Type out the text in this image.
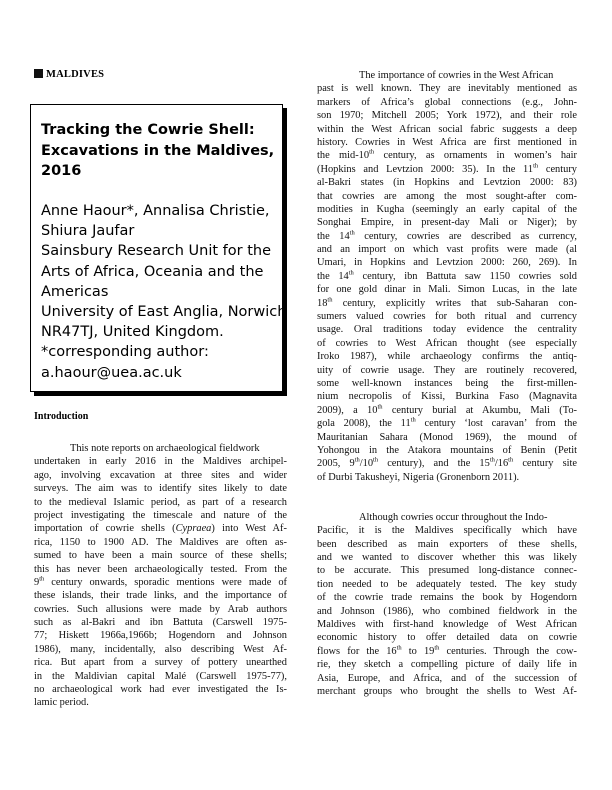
MALDIVES
Tracking the Cowrie Shell:
Excavations in the Maldives,
2016
Anne Haour*, Annalisa Christie,
Shiura Jaufar
Sainsbury Research Unit for the
Arts of Africa, Oceania and the
Americas
University of East Anglia, Norwich
NR47TJ, United Kingdom.
*corresponding author:
a.haour@uea.ac.uk
Introduction
This note reports on archaeological fieldwork
undertaken in early 2016 in the Maldives archipel-
ago, involving excavation at three sites and wider
surveys. The aim was to identify sites likely to date
to the medieval Islamic period, as part of a research
project investigating the timescale and nature of the
importation of cowrie shells (Cypraea) into West Af-
rica, 1150 to 1900 AD. The Maldives are often as-
sumed to have been a main source of these shells;
this has never been archaeologically tested. From the
9th century onwards, sporadic mentions were made of
these islands, their trade links, and the importance of
cowries. Such allusions were made by Arab authors
such as al-Bakri and ibn Battuta (Carswell 1975-
77; Hiskett 1966a,1966b; Hogendorn and Johnson
1986), many, incidentally, also describing West Af-
rica. But apart from a survey of pottery unearthed
in the Maldivian capital Malé (Carswell 1975-77),
no archaeological work had ever investigated the Is-
lamic period.
The importance of cowries in the West African
past is well known. They are inevitably mentioned as
markers of Africa’s global connections (e.g., John-
son 1970; Mitchell 2005; York 1972), and their role
within the West African social fabric suggests a deep
history. Cowries in West Africa are first mentioned in
the mid-10th century, as ornaments in women’s hair
(Hopkins and Levtzion 2000: 35). In the 11th century
al-Bakri states (in Hopkins and Levtzion 2000: 83)
that cowries are among the most sought-after com-
modities in Kugha (seemingly an early capital of the
Songhai Empire, in present-day Mali or Niger); by
the 14th century, cowries are described as currency,
and an import on which vast profits were made (al
Umari, in Hopkins and Levtzion 2000: 260, 269). In
the 14th century, ibn Battuta saw 1150 cowries sold
for one gold dinar in Mali. Simon Lucas, in the late
18th century, explicitly writes that sub-Saharan con-
sumers valued cowries for both ritual and currency
usage. Oral traditions today evidence the centrality
of cowries to West African thought (see especially
Iroko 1987), while archaeology confirms the antiq-
uity of cowrie usage. They are routinely recovered,
some well-known instances being the first-millen-
nium necropolis of Kissi, Burkina Faso (Magnavita
2009), a 10th century burial at Akumbu, Mali (To-
gola 2008), the 11th century ‘lost caravan’ from the
Mauritanian Sahara (Monod 1969), the mound of
Yohongou in the Atakora mountains of Benin (Petit
2005, 9th/10th century), and the 15th/16th century site
of Durbi Takusheyi, Nigeria (Gronenborn 2011).
Although cowries occur throughout the Indo-
Pacific, it is the Maldives specifically which have
been described as main exporters of these shells,
and we wanted to discover whether this was likely
to be accurate. This presumed long-distance connec-
tion needed to be adequately tested. The key study
of the cowrie trade remains the book by Hogendorn
and Johnson (1986), who combined fieldwork in the
Maldives with first-hand knowledge of West African
economic history to offer detailed data on cowrie
flows for the 16th to 19th centuries. Through the cow-
rie, they sketch a compelling picture of daily life in
Asia, Europe, and Africa, and of the succession of
merchant groups who brought the shells to West Af-
